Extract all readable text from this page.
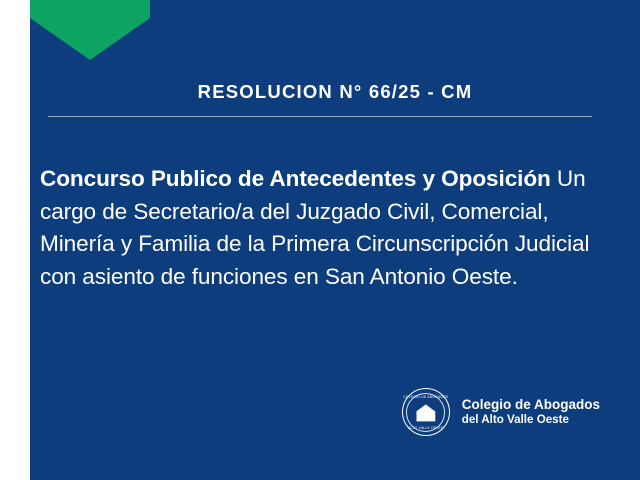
RESOLUCION N° 66/25 - CM
Concurso Publico de Antecedentes y Oposición Un cargo de Secretario/a del Juzgado Civil, Comercial, Minería y Familia de la Primera Circunscripción Judicial con asiento de funciones en San Antonio Oeste.
COLEGIO DE ABOGADOS
ALTO VALLE OESTE
Colegio de Abogados
del Alto Valle Oeste
